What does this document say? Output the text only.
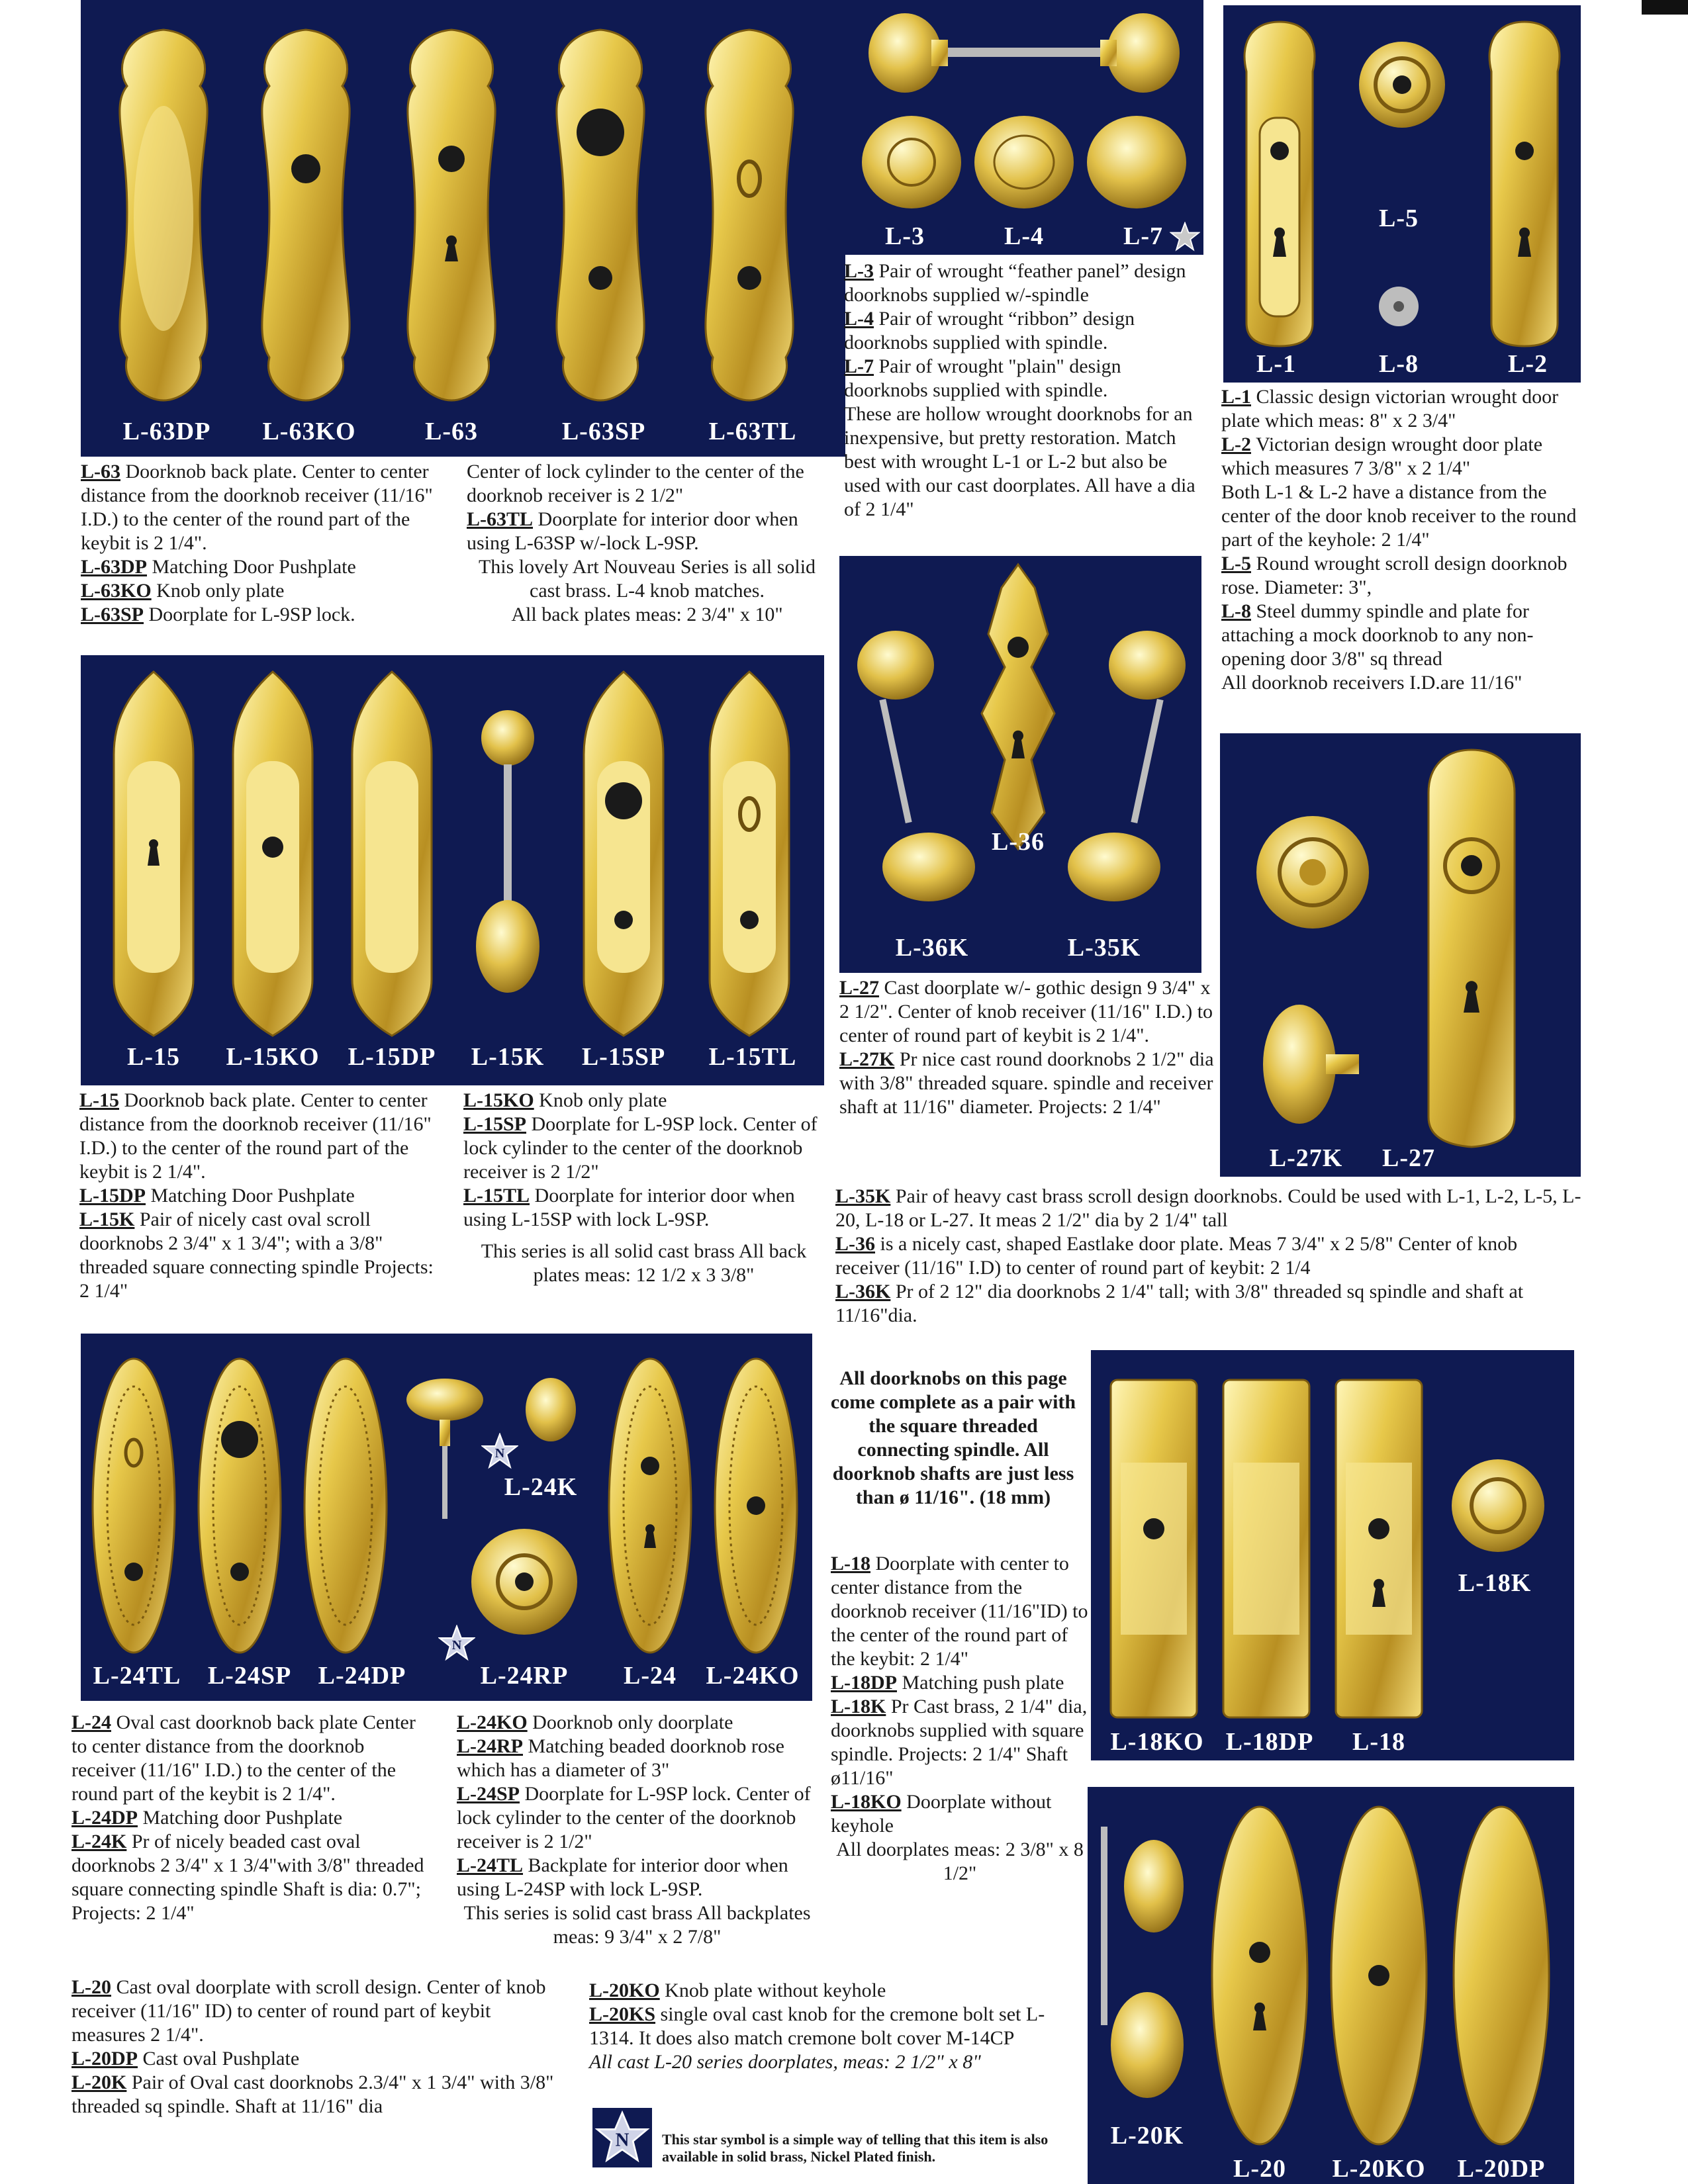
L-63DP	L-63KO	L-63	L-63SP	L-63TL
L-3	L-4	L-7
L-5
L-1	L-8	L-2

L-63 Doorknob back plate. Center to center distance from the doorknob receiver (11/16" I.D.) to the center of the round part of the keybit is 2 1/4".

L-63DP Matching Door Pushplate

L-63KO Knob only plate

L-63SP Doorplate for L-9SP lock.

Center of lock cylinder to the center of the doorknob receiver is 2 1/2"

L-63TL Doorplate for interior door when using L-63SP w/-lock L-9SP.

This lovely Art Nouveau Series is all solid cast brass. L-4 knob matches.

All back plates meas: 2 3/4" x 10"

L-3 Pair of wrought “feather panel” design doorknobs supplied w/-spindle

L-4 Pair of wrought “ribbon” design doorknobs supplied with spindle.

L-7 Pair of wrought "plain" design doorknobs supplied with spindle.

These are hollow wrought doorknobs for an inexpensive, but pretty restoration. Match best with wrought L-1 or L-2 but also be used with our cast doorplates. All have a dia of 2 1/4"

L-1 Classic design victorian wrought door plate which meas: 8" x 2 3/4"

L-2 Victorian design wrought door plate which measures 7 3/8" x 2 1/4"

Both L-1 & L-2 have a distance from the center of the door knob receiver to the round part of the keyhole: 2 1/4"

L-5 Round wrought scroll design doorknob rose. Diameter: 3",

L-8 Steel dummy spindle and plate for attaching a mock doorknob to any non-opening door 3/8" sq thread

All doorknob receivers I.D.are 11/16"

L-15	L-15KO	L-15DP	L-15K	L-15SP	L-15TL
L-36
L-36K	L-35K
L-27K	L-27

L-15 Doorknob back plate. Center to center distance from the doorknob receiver (11/16" I.D.) to the center of the round part of the keybit is 2 1/4".

L-15DP Matching Door Pushplate

L-15K Pair of nicely cast oval scroll doorknobs 2 3/4" x 1 3/4"; with a 3/8" threaded square connecting spindle Projects: 2 1/4"

L-15KO Knob only plate

L-15SP Doorplate for L-9SP lock. Center of lock cylinder to the center of the doorknob receiver is 2 1/2"

L-15TL Doorplate for interior door when using L-15SP with lock L-9SP.

This series is all solid cast brass All back plates meas: 12 1/2 x 3 3/8"

L-27 Cast doorplate w/- gothic design 9 3/4" x 2 1/2". Center of knob receiver (11/16" I.D.) to center of round part of keybit is 2 1/4".

L-27K Pr nice cast round doorknobs 2 1/2" dia with 3/8" threaded square. spindle and receiver shaft at 11/16" diameter. Projects: 2 1/4"

L-35K Pair of heavy cast brass scroll design doorknobs. Could be used with L-1, L-2, L-5, L-20, L-18 or L-27. It meas 2 1/2" dia by 2 1/4" tall

L-36 is a nicely cast, shaped Eastlake door plate. Meas 7 3/4" x 2 5/8" Center of knob receiver (11/16" I.D) to center of round part of keybit: 2 1/4

L-36K Pr of 2 12" dia doorknobs 2 1/4" tall; with 3/8" threaded sq spindle and shaft at 11/16"dia.

N
N
L-24K
L-24TL	L-24SP	L-24DP	L-24RP	L-24	L-24KO
All doorknobs on this page come complete as a pair with the square threaded connecting spindle. All doorknob shafts are just less than ø 11/16". (18 mm)

L-18 Doorplate with center to center distance from the doorknob receiver (11/16"ID) to the center of the round part of the keybit: 2 1/4"

L-18DP Matching push plate

L-18K Pr Cast brass, 2 1/4" dia, doorknobs supplied with square spindle. Projects: 2 1/4" Shaft ø11/16"

L-18KO Doorplate without keyhole

All doorplates meas: 2 3/8" x 8 1/2"

L-18K
L-18KO L-18DP	L-18

L-24 Oval cast doorknob back plate Center to center distance from the doorknob receiver (11/16" I.D.) to the center of the round part of the keybit is 2 1/4".

L-24DP Matching door Pushplate

L-24K Pr of nicely beaded cast oval doorknobs 2 3/4" x 1 3/4"with 3/8" threaded square connecting spindle Shaft is dia: 0.7"; Projects: 2 1/4"

L-24KO Doorknob only doorplate

L-24RP Matching beaded doorknob rose which has a diameter of 3"

L-24SP Doorplate for L-9SP lock. Center of lock cylinder to the center of the doorknob receiver is 2 1/2"

L-24TL Backplate for interior door when using L-24SP with lock L-9SP.

This series is solid cast brass All backplates meas: 9 3/4" x 2 7/8"

L-20 Cast oval doorplate with scroll design. Center of knob receiver (11/16" ID) to center of round part of keybit measures 2 1/4".

L-20DP Cast oval Pushplate

L-20K Pair of Oval cast doorknobs 2.3/4" x 1 3/4" with 3/8" threaded sq spindle. Shaft at 11/16" dia

L-20KO Knob plate without keyhole

L-20KS single oval cast knob for the cremone bolt set L-1314. It does also match cremone bolt cover M-14CP

All cast L-20 series doorplates, meas: 2 1/2" x 8"

N This star symbol is a simple way of telling that this item is also available in solid brass, Nickel Plated finish.
L-20K
L-20	L-20KO	L-20DP
